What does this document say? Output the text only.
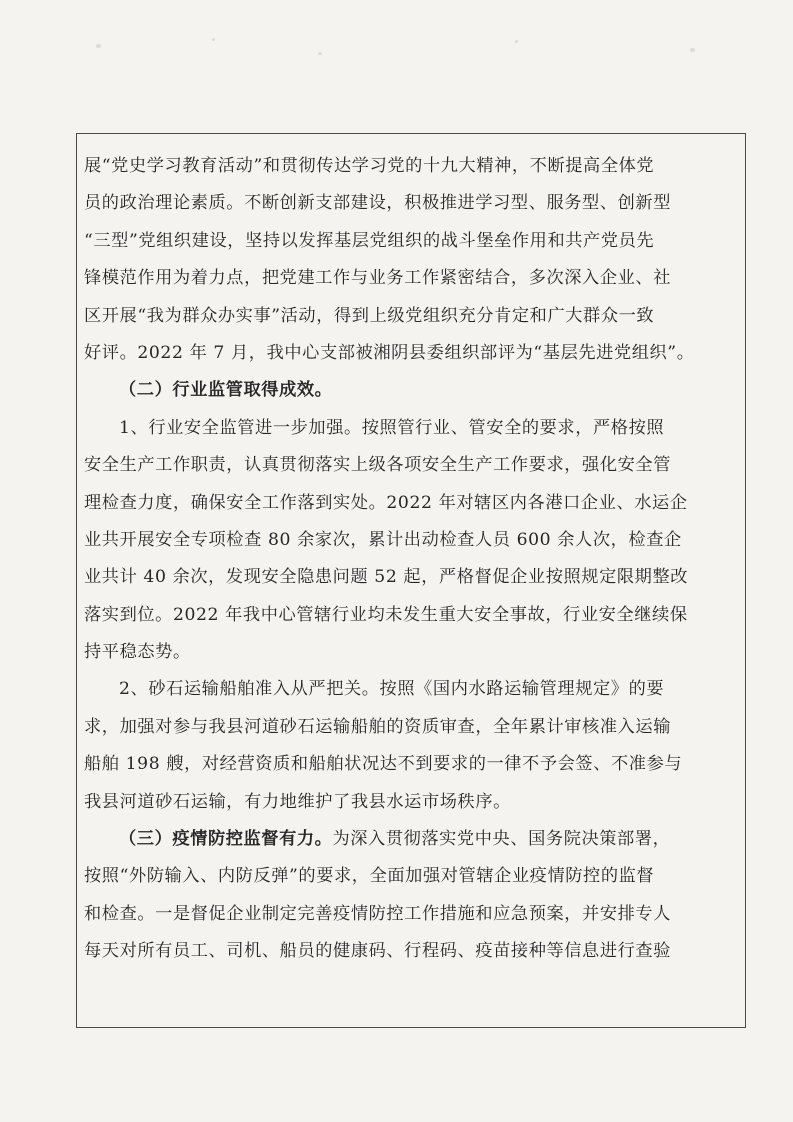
展“党史学习教育活动”和贯彻传达学习党的十九大精神，不断提高全体党
员的政治理论素质。不断创新支部建设，积极推进学习型、服务型、创新型
“三型”党组织建设，坚持以发挥基层党组织的战斗堡垒作用和共产党员先
锋模范作用为着力点，把党建工作与业务工作紧密结合，多次深入企业、社
区开展“我为群众办实事”活动，得到上级党组织充分肯定和广大群众一致
好评。2022 年 7 月，我中心支部被湘阴县委组织部评为“基层先进党组织”。
（二）行业监管取得成效。
1、行业安全监管进一步加强。按照管行业、管安全的要求，严格按照
安全生产工作职责，认真贯彻落实上级各项安全生产工作要求，强化安全管
理检查力度，确保安全工作落到实处。2022 年对辖区内各港口企业、水运企
业共开展安全专项检查 80 余家次，累计出动检查人员 600 余人次，检查企
业共计 40 余次，发现安全隐患问题 52 起，严格督促企业按照规定限期整改
落实到位。2022 年我中心管辖行业均未发生重大安全事故，行业安全继续保
持平稳态势。
2、砂石运输船舶准入从严把关。按照《国内水路运输管理规定》的要
求，加强对参与我县河道砂石运输船舶的资质审查，全年累计审核准入运输
船舶 198 艘，对经营资质和船舶状况达不到要求的一律不予会签、不准参与
我县河道砂石运输，有力地维护了我县水运市场秩序。
（三）疫情防控监督有力。为深入贯彻落实党中央、国务院决策部署，
按照“外防输入、内防反弹”的要求，全面加强对管辖企业疫情防控的监督
和检查。一是督促企业制定完善疫情防控工作措施和应急预案，并安排专人
每天对所有员工、司机、船员的健康码、行程码、疫苗接种等信息进行查验
